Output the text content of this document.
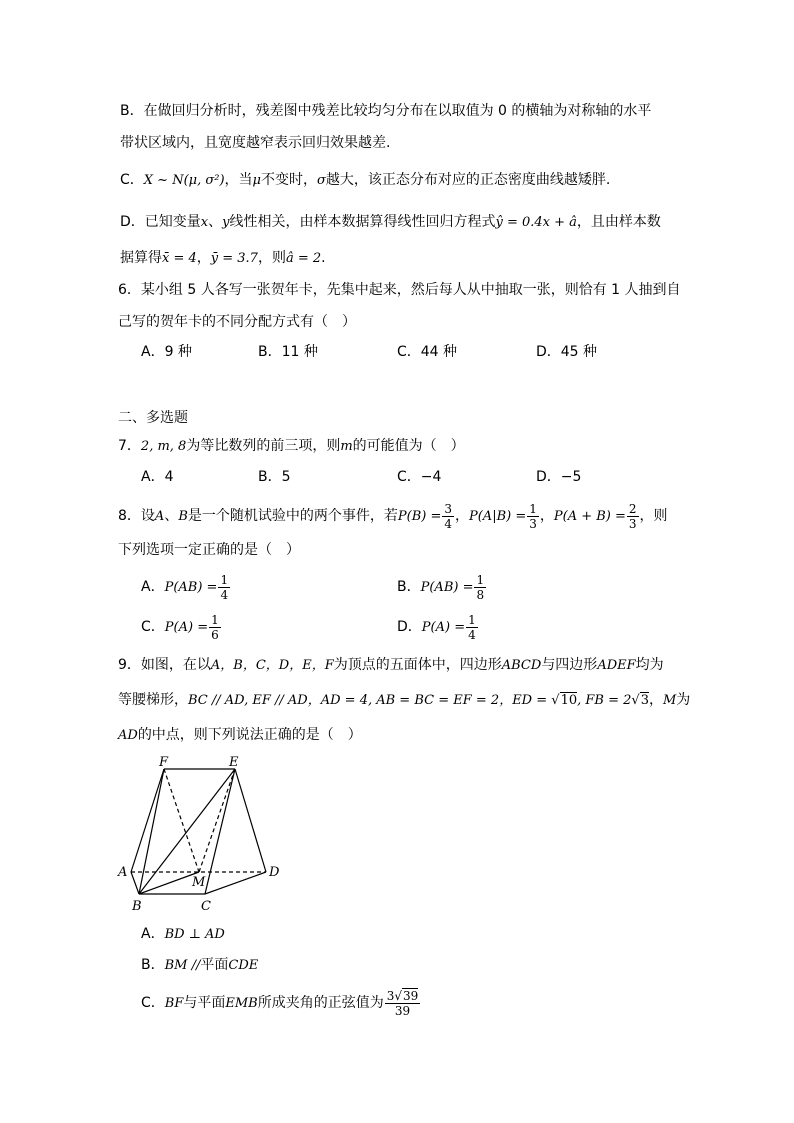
B．在做回归分析时，残差图中残差比较均匀分布在以取值为 0 的横轴为对称轴的水平
带状区域内，且宽度越窄表示回归效果越差.
C．X ~ N(μ, σ²)，当μ不变时，σ越大，该正态分布对应的正态密度曲线越矮胖.
D．已知变量x、y线性相关，由样本数据算得线性回归方程式ŷ = 0.4x + â，且由样本数
据算得x̄ = 4，ȳ = 3.7，则â = 2.
6．某小组 5 人各写一张贺年卡，先集中起来，然后每人从中抽取一张，则恰有 1 人抽到自
己写的贺年卡的不同分配方式有（　）
A．9 种	B．11 种	C．44 种	D．45 种
二、多选题
7．2, m, 8为等比数列的前三项，则m的可能值为（　）
A．4	B．5	C．−4	D．−5
8．设A、B是一个随机试验中的两个事件，若$P(B) = \frac{3}{4}$ ，$P(A|B) = \frac{1}{3}$ ，$P(A + B) = \frac{2}{3}$ ，则
下列选项一定正确的是（　）
A．$P(AB) = \frac{1}{4}$	B．$P(AB) = \frac{1}{8}$
C．$P(A) = \frac{1}{6}$	D．$P(A) = \frac{1}{4}$
9．如图，在以A，B，C，D，E，F为顶点的五面体中，四边形ABCD与四边形ADEF均为
等腰梯形，BC // AD, EF // AD，AD = 4, AB = BC = EF = 2，ED = √10, FB = 2√3，M为
AD的中点，则下列说法正确的是（　）
F	E
A
M
D
B	C
A．BD ⊥ AD
B．BM //平面CDE
C．BF与平面EMB所成夹角的正弦值为 $\frac{3√39}{39}$
